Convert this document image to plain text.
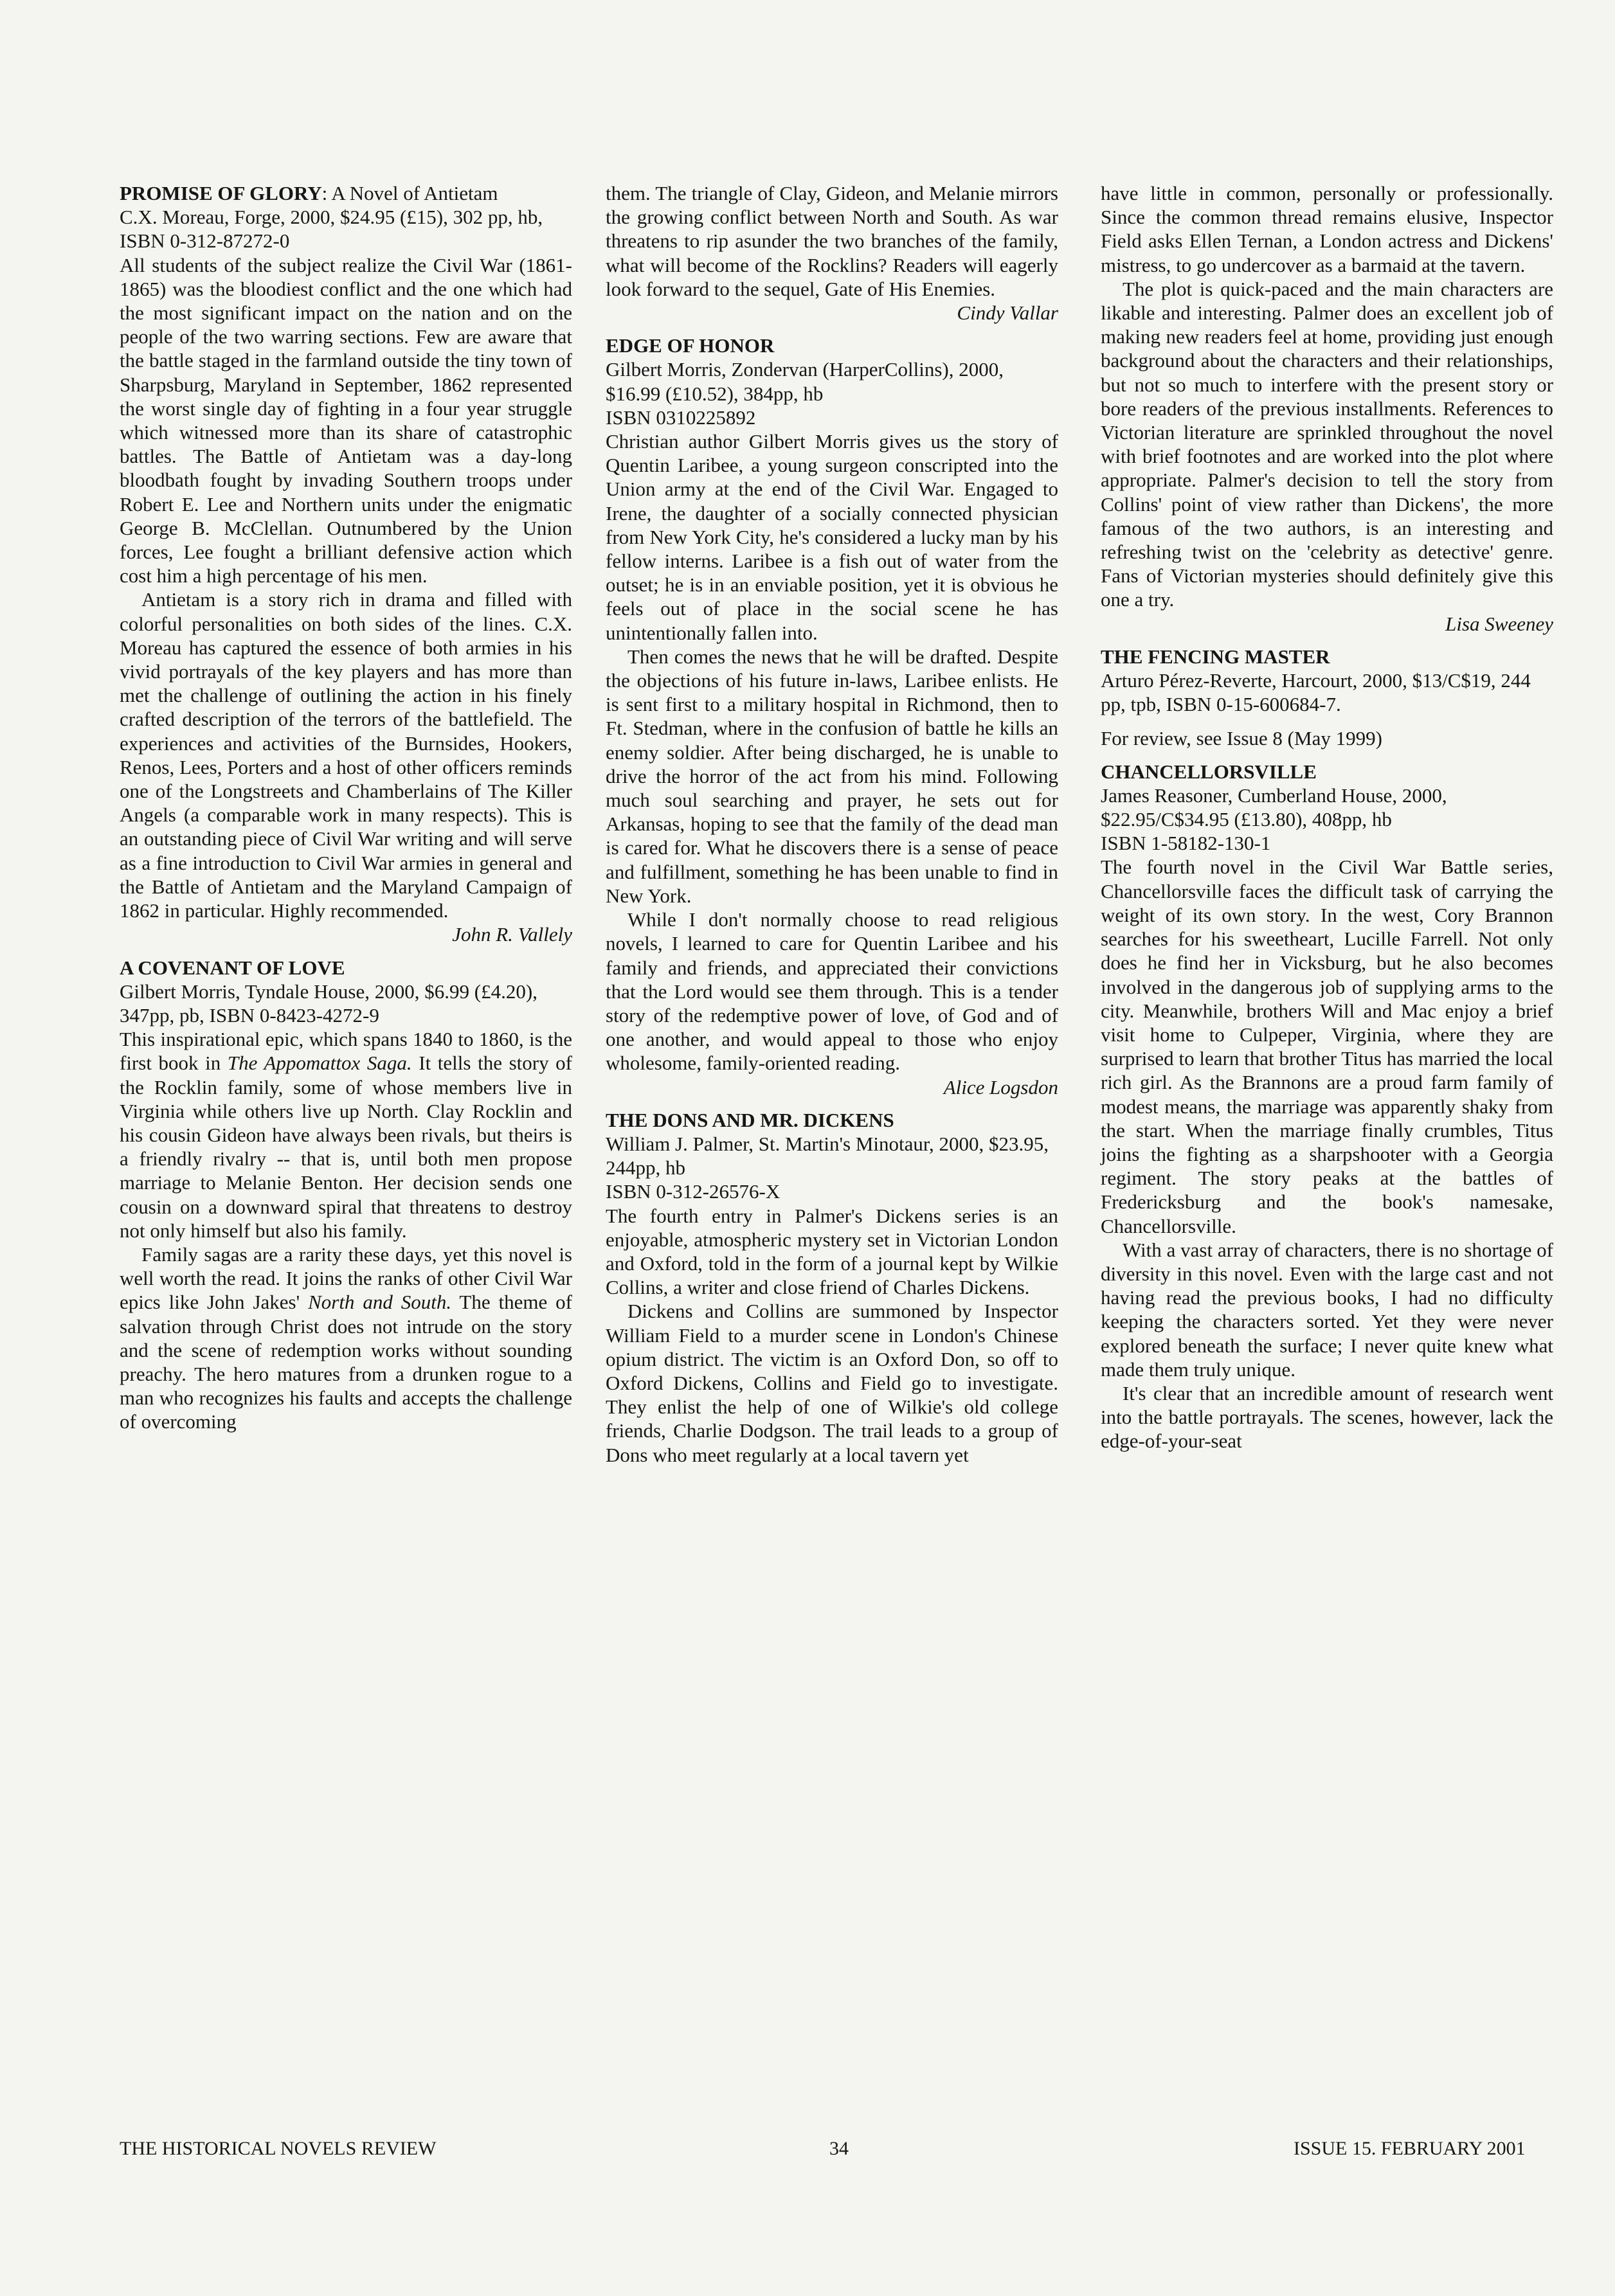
PROMISE OF GLORY: A Novel of Antietam

C.X. Moreau, Forge, 2000, $24.95 (£15), 302 pp, hb, ISBN 0-312-87272-0

All students of the subject realize the Civil War (1861-1865) was the bloodiest conflict and the one which had the most significant impact on the nation and on the people of the two warring sections. Few are aware that the battle staged in the farmland outside the tiny town of Sharpsburg, Maryland in September, 1862 represented the worst single day of fighting in a four year struggle which witnessed more than its share of catastrophic battles. The Battle of Antietam was a day-long bloodbath fought by invading Southern troops under Robert E. Lee and Northern units under the enigmatic George B. McClellan. Outnumbered by the Union forces, Lee fought a brilliant defensive action which cost him a high percentage of his men.

Antietam is a story rich in drama and filled with colorful personalities on both sides of the lines. C.X. Moreau has captured the essence of both armies in his vivid portrayals of the key players and has more than met the challenge of outlining the action in his finely crafted description of the terrors of the battlefield. The experiences and activities of the Burnsides, Hookers, Renos, Lees, Porters and a host of other officers reminds one of the Longstreets and Chamberlains of The Killer Angels (a comparable work in many respects). This is an outstanding piece of Civil War writing and will serve as a fine introduction to Civil War armies in general and the Battle of Antietam and the Maryland Campaign of 1862 in particular. Highly recommended.

John R. Vallely

A COVENANT OF LOVE

Gilbert Morris, Tyndale House, 2000, $6.99 (£4.20), 347pp, pb, ISBN 0-8423-4272-9

This inspirational epic, which spans 1840 to 1860, is the first book in The Appomattox Saga. It tells the story of the Rocklin family, some of whose members live in Virginia while others live up North. Clay Rocklin and his cousin Gideon have always been rivals, but theirs is a friendly rivalry -- that is, until both men propose marriage to Melanie Benton. Her decision sends one cousin on a downward spiral that threatens to destroy not only himself but also his family.

Family sagas are a rarity these days, yet this novel is well worth the read. It joins the ranks of other Civil War epics like John Jakes' North and South. The theme of salvation through Christ does not intrude on the story and the scene of redemption works without sounding preachy. The hero matures from a drunken rogue to a man who recognizes his faults and accepts the challenge of overcoming

them. The triangle of Clay, Gideon, and Melanie mirrors the growing conflict between North and South. As war threatens to rip asunder the two branches of the family, what will become of the Rocklins? Readers will eagerly look forward to the sequel, Gate of His Enemies.

Cindy Vallar

EDGE OF HONOR

Gilbert Morris, Zondervan (HarperCollins), 2000, $16.99 (£10.52), 384pp, hb

ISBN 0310225892

Christian author Gilbert Morris gives us the story of Quentin Laribee, a young surgeon conscripted into the Union army at the end of the Civil War. Engaged to Irene, the daughter of a socially connected physician from New York City, he's considered a lucky man by his fellow interns. Laribee is a fish out of water from the outset; he is in an enviable position, yet it is obvious he feels out of place in the social scene he has unintentionally fallen into.

Then comes the news that he will be drafted. Despite the objections of his future in-laws, Laribee enlists. He is sent first to a military hospital in Richmond, then to Ft. Stedman, where in the confusion of battle he kills an enemy soldier. After being discharged, he is unable to drive the horror of the act from his mind. Following much soul searching and prayer, he sets out for Arkansas, hoping to see that the family of the dead man is cared for. What he discovers there is a sense of peace and fulfillment, something he has been unable to find in New York.

While I don't normally choose to read religious novels, I learned to care for Quentin Laribee and his family and friends, and appreciated their convictions that the Lord would see them through. This is a tender story of the redemptive power of love, of God and of one another, and would appeal to those who enjoy wholesome, family-oriented reading.

Alice Logsdon

THE DONS AND MR. DICKENS

William J. Palmer, St. Martin's Minotaur, 2000, $23.95, 244pp, hb

ISBN 0-312-26576-X

The fourth entry in Palmer's Dickens series is an enjoyable, atmospheric mystery set in Victorian London and Oxford, told in the form of a journal kept by Wilkie Collins, a writer and close friend of Charles Dickens.

Dickens and Collins are summoned by Inspector William Field to a murder scene in London's Chinese opium district. The victim is an Oxford Don, so off to Oxford Dickens, Collins and Field go to investigate. They enlist the help of one of Wilkie's old college friends, Charlie Dodgson. The trail leads to a group of Dons who meet regularly at a local tavern yet

have little in common, personally or professionally. Since the common thread remains elusive, Inspector Field asks Ellen Ternan, a London actress and Dickens' mistress, to go undercover as a barmaid at the tavern.

The plot is quick-paced and the main characters are likable and interesting. Palmer does an excellent job of making new readers feel at home, providing just enough background about the characters and their relationships, but not so much to interfere with the present story or bore readers of the previous installments. References to Victorian literature are sprinkled throughout the novel with brief footnotes and are worked into the plot where appropriate. Palmer's decision to tell the story from Collins' point of view rather than Dickens', the more famous of the two authors, is an interesting and refreshing twist on the 'celebrity as detective' genre. Fans of Victorian mysteries should definitely give this one a try.

Lisa Sweeney

THE FENCING MASTER

Arturo Pérez-Reverte, Harcourt, 2000, $13/C$19, 244 pp, tpb, ISBN 0-15-600684-7.

For review, see Issue 8 (May 1999)

CHANCELLORSVILLE

James Reasoner, Cumberland House, 2000, $22.95/C$34.95 (£13.80), 408pp, hb

ISBN 1-58182-130-1

The fourth novel in the Civil War Battle series, Chancellorsville faces the difficult task of carrying the weight of its own story. In the west, Cory Brannon searches for his sweetheart, Lucille Farrell. Not only does he find her in Vicksburg, but he also becomes involved in the dangerous job of supplying arms to the city. Meanwhile, brothers Will and Mac enjoy a brief visit home to Culpeper, Virginia, where they are surprised to learn that brother Titus has married the local rich girl. As the Brannons are a proud farm family of modest means, the marriage was apparently shaky from the start. When the marriage finally crumbles, Titus joins the fighting as a sharpshooter with a Georgia regiment. The story peaks at the battles of Fredericksburg and the book's namesake, Chancellorsville.

With a vast array of characters, there is no shortage of diversity in this novel. Even with the large cast and not having read the previous books, I had no difficulty keeping the characters sorted. Yet they were never explored beneath the surface; I never quite knew what made them truly unique.

It's clear that an incredible amount of research went into the battle portrayals. The scenes, however, lack the edge-of-your-seat

THE HISTORICAL NOVELS REVIEW	34	ISSUE 15. FEBRUARY 2001
